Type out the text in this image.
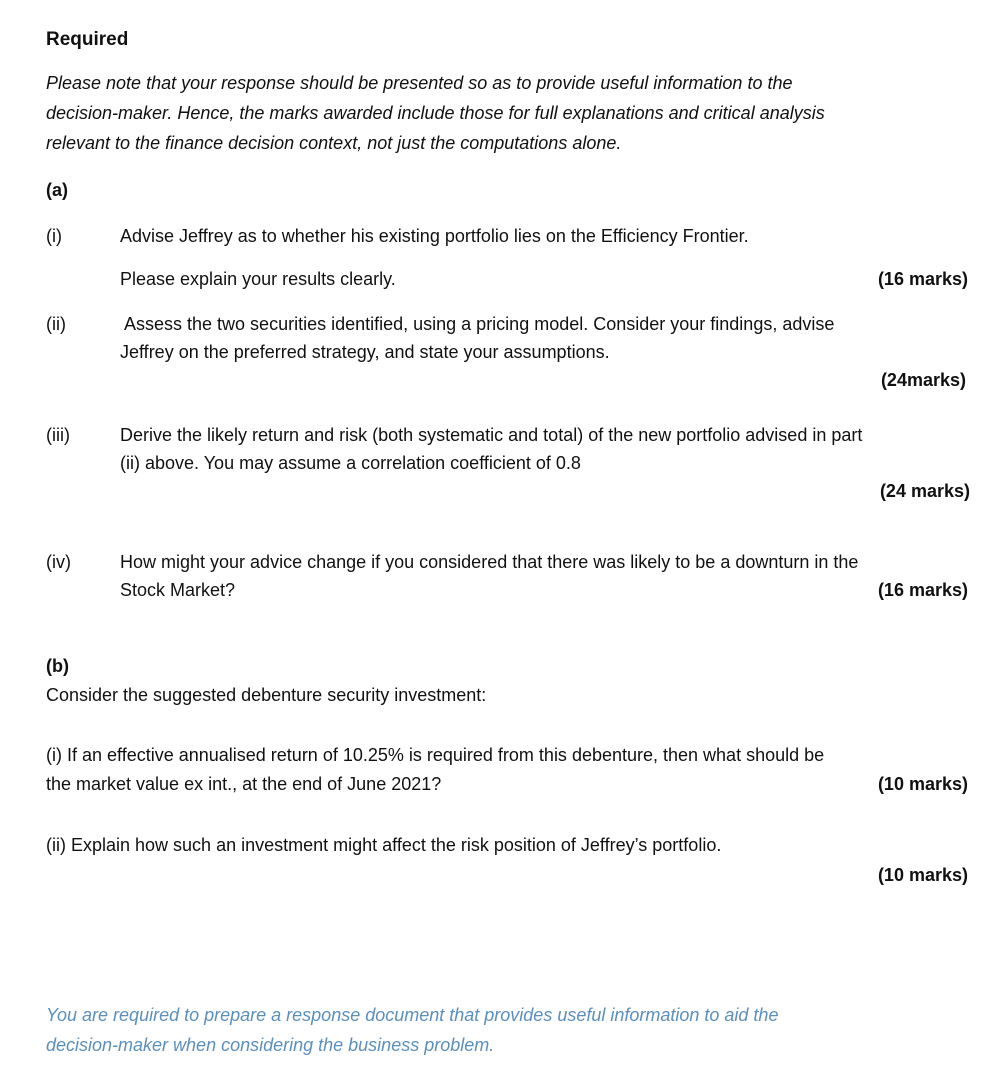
Required
Please note that your response should be presented so as to provide useful information to the
decision-maker. Hence, the marks awarded include those for full explanations and critical analysis
relevant to the finance decision context, not just the computations alone.
(a)
(i)	Advise Jeffrey as to whether his existing portfolio lies on the Efficiency Frontier.
Please explain your results clearly.	(16 marks)
(ii)	Assess the two securities identified, using a pricing model. Consider your findings, advise
Jeffrey on the preferred strategy, and state your assumptions.
(24marks)
(iii)	Derive the likely return and risk (both systematic and total) of the new portfolio advised in part
(ii) above. You may assume a correlation coefficient of 0.8
(24 marks)
(iv)	How might your advice change if you considered that there was likely to be a downturn in the
Stock Market?	(16 marks)
(b)
Consider the suggested debenture security investment:
(i) If an effective annualised return of 10.25% is required from this debenture, then what should be
the market value ex int., at the end of June 2021?	(10 marks)
(ii) Explain how such an investment might affect the risk position of Jeffrey’s portfolio.
(10 marks)
You are required to prepare a response document that provides useful information to aid the
decision-maker when considering the business problem.
